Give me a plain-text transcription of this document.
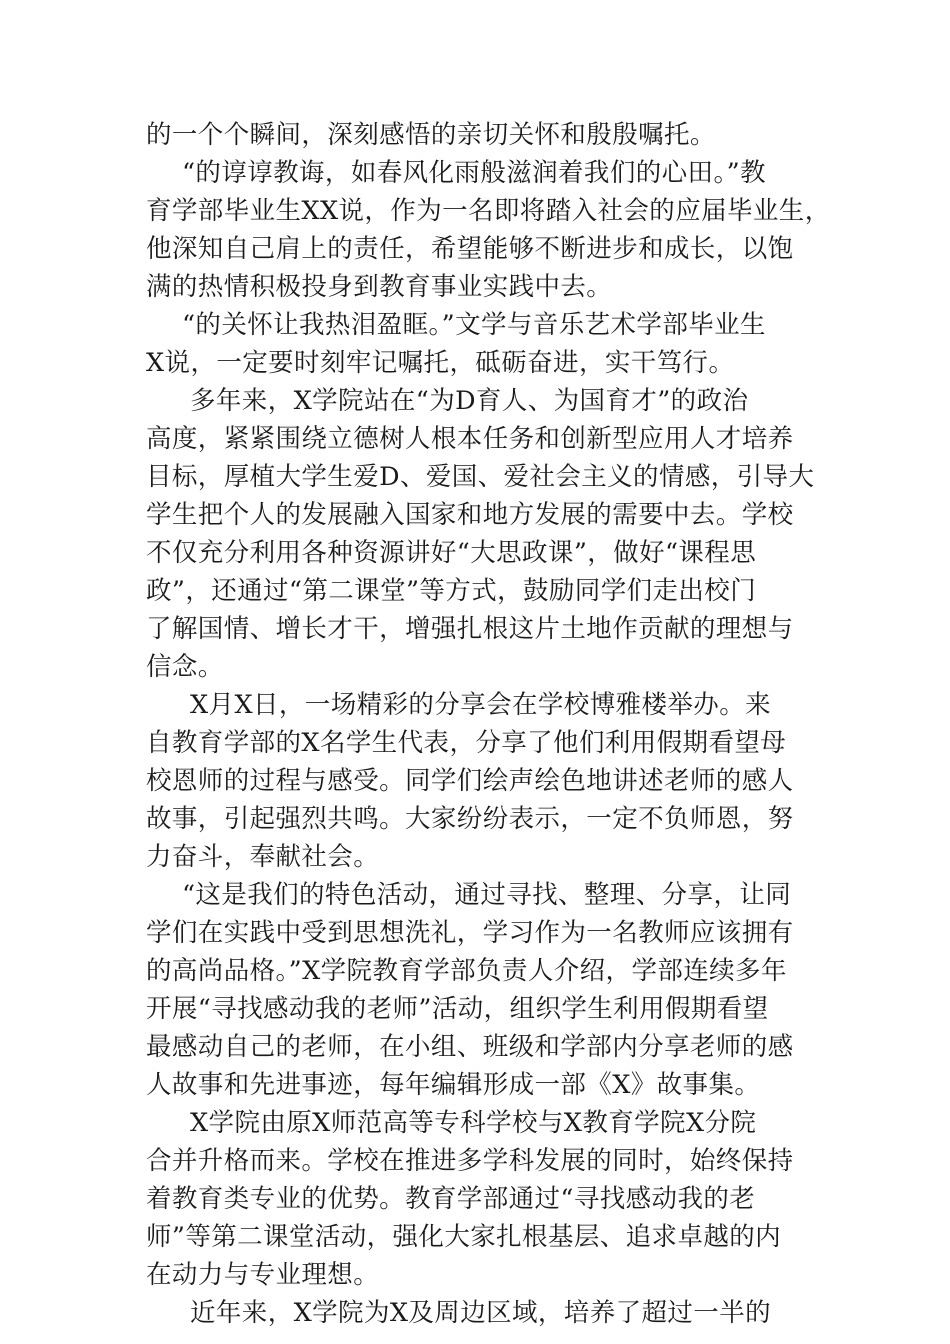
的一个个瞬间，深刻感悟的亲切关怀和殷殷嘱托。

“的谆谆教诲，如春风化雨般滋润着我们的心田。”教
育学部毕业生XX说，作为一名即将踏入社会的应届毕业生，
他深知自己肩上的责任，希望能够不断进步和成长，以饱
满的热情积极投身到教育事业实践中去。

“的关怀让我热泪盈眶。”文学与音乐艺术学部毕业生
X说，一定要时刻牢记嘱托，砥砺奋进，实干笃行。

多年来，X学院站在“为D育人、为国育才”的政治
高度，紧紧围绕立德树人根本任务和创新型应用人才培养
目标，厚植大学生爱D、爱国、爱社会主义的情感，引导大
学生把个人的发展融入国家和地方发展的需要中去。学校
不仅充分利用各种资源讲好“大思政课”，做好“课程思
政”，还通过“第二课堂”等方式，鼓励同学们走出校门
了解国情、增长才干，增强扎根这片土地作贡献的理想与
信念。

X月X日，一场精彩的分享会在学校博雅楼举办。来
自教育学部的X名学生代表，分享了他们利用假期看望母
校恩师的过程与感受。同学们绘声绘色地讲述老师的感人
故事，引起强烈共鸣。大家纷纷表示，一定不负师恩，努
力奋斗，奉献社会。

“这是我们的特色活动，通过寻找、整理、分享，让同
学们在实践中受到思想洗礼，学习作为一名教师应该拥有
的高尚品格。”X学院教育学部负责人介绍，学部连续多年
开展“寻找感动我的老师”活动，组织学生利用假期看望
最感动自己的老师，在小组、班级和学部内分享老师的感
人故事和先进事迹，每年编辑形成一部《X》故事集。

X学院由原X师范高等专科学校与X教育学院X分院
合并升格而来。学校在推进多学科发展的同时，始终保持
着教育类专业的优势。教育学部通过“寻找感动我的老
师”等第二课堂活动，强化大家扎根基层、追求卓越的内
在动力与专业理想。

近年来，X学院为X及周边区域，培养了超过一半的
